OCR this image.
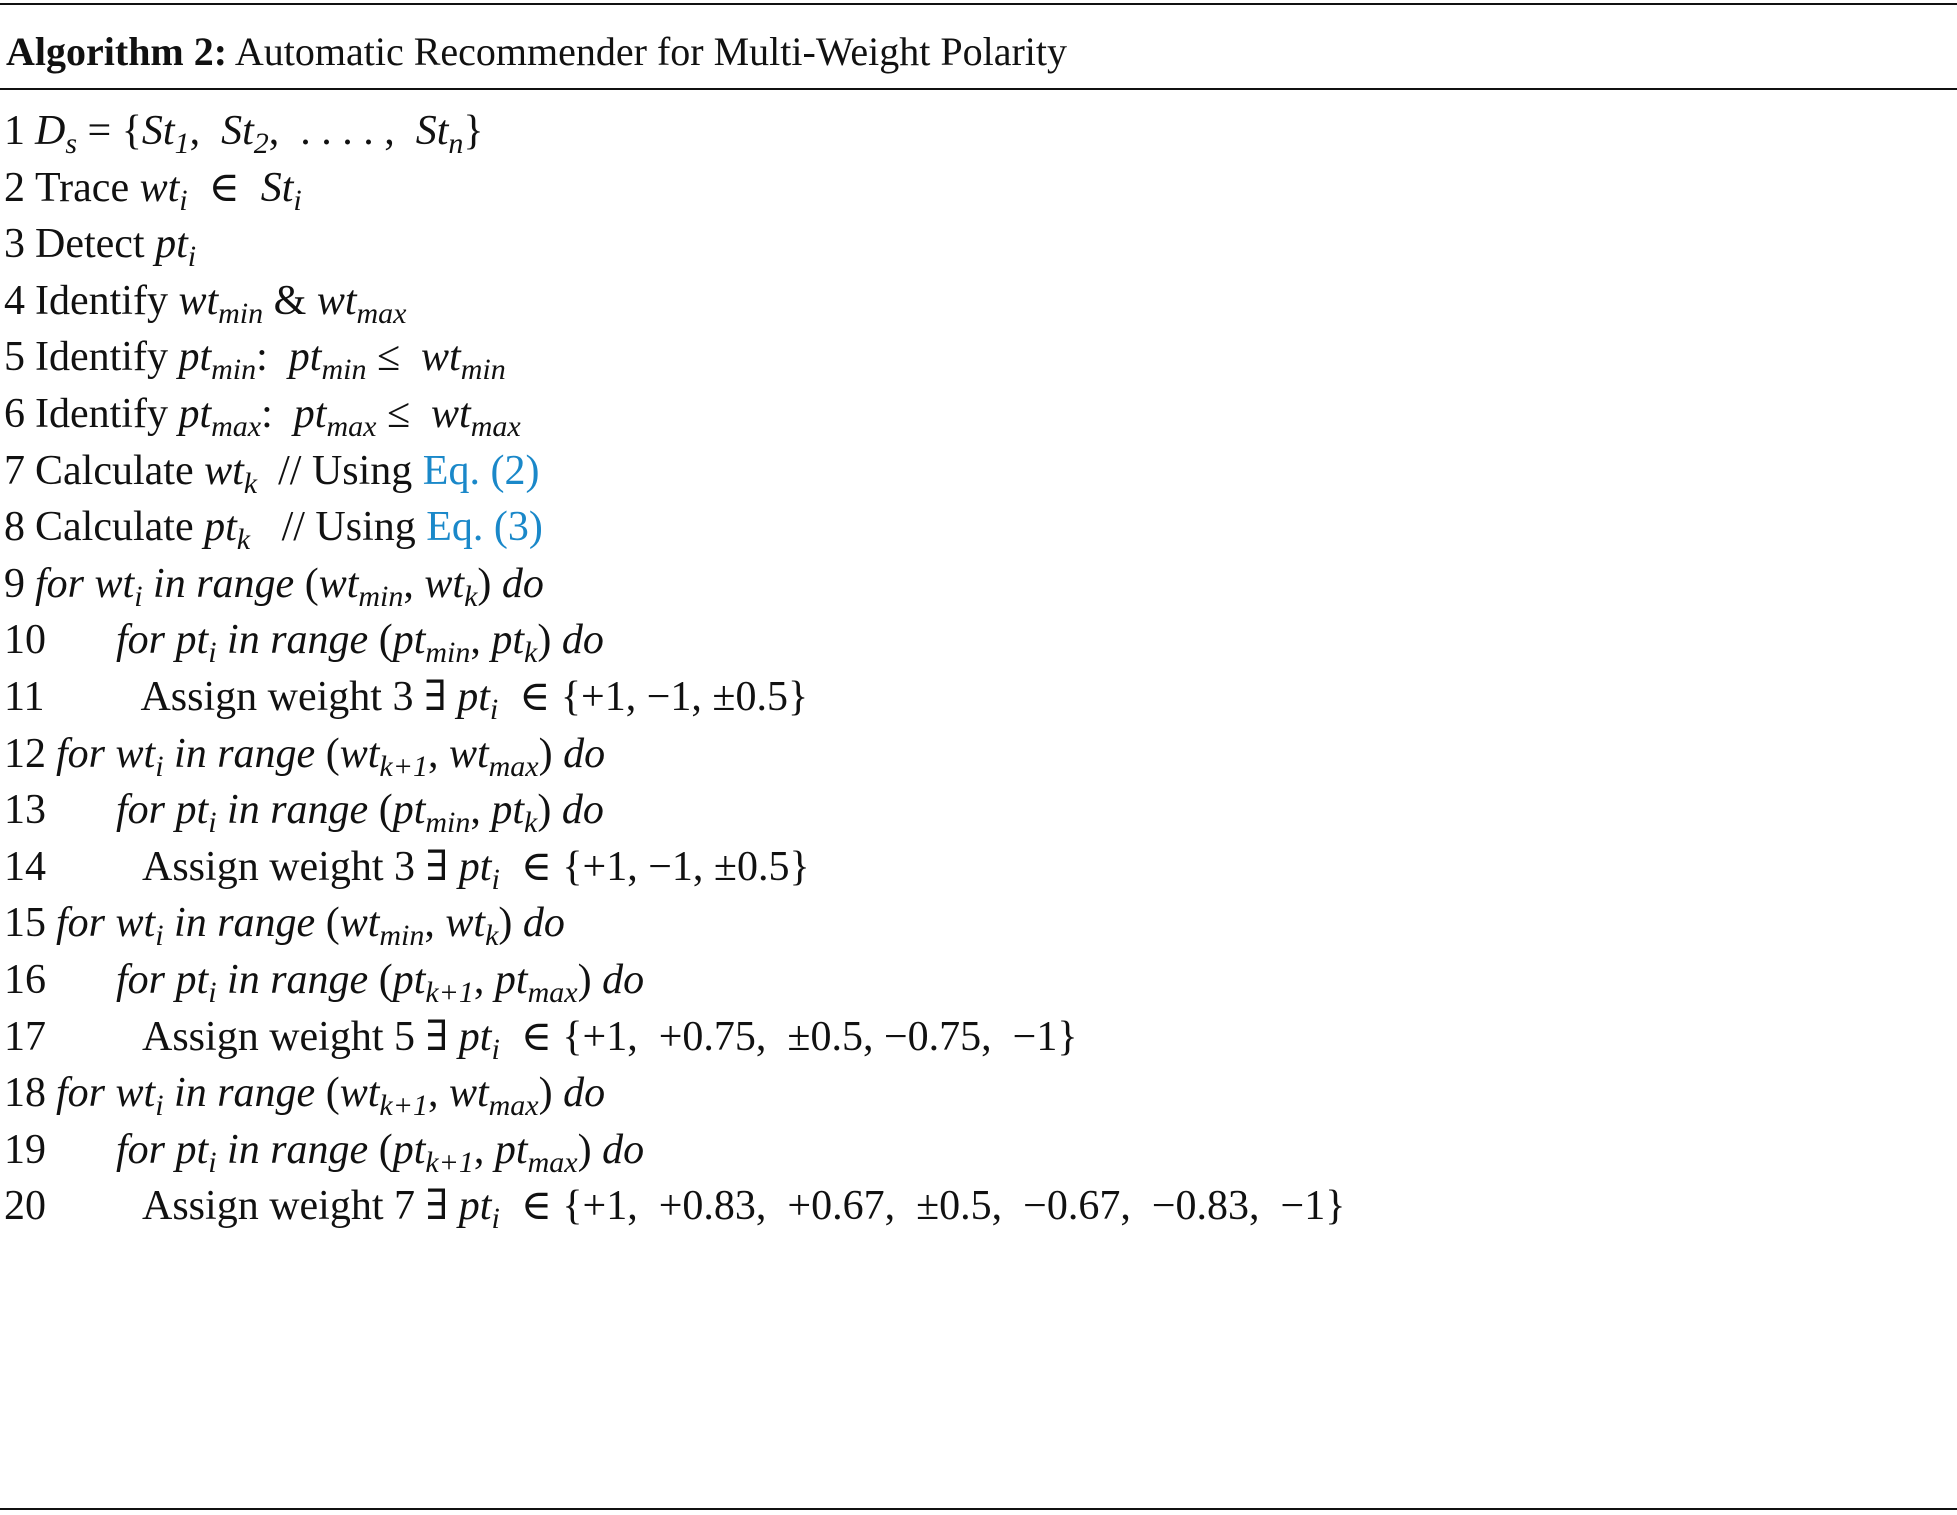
Algorithm 2: Automatic Recommender for Multi-Weight Polarity
1 $D_s = \{St_1$,  $St_2$,  . . . . ,  $St_n$}
2 Trace $wt_i$  ∈  $St_i$
3 Detect $pt_i$
4 Identify $wt_{min}$ & $wt_{max}$
5 Identify $pt_{min}$:  $pt_{min} \le wt_{min}$
6 Identify $pt_{max}$:  $pt_{max} \le wt_{max}$
7 Calculate $wt_k$  // Using Eq. (2)
8 Calculate $pt_k$   // Using Eq. (3)
9 for $wt_i$ in range ($wt_{min}$, $wt_k$) do
10 for $pt_i$ in range ($pt_{min}$, $pt_k$) do
11 Assign weight 3 ∃ $pt_i$  ∈ {+1, −1, ±0.5}
12 for $wt_i$ in range ($wt_{k+1}$, $wt_{max}$) do
13 for $pt_i$ in range ($pt_{min}$, $pt_k$) do
14 Assign weight 3 ∃ $pt_i$  ∈ {+1, −1, ±0.5}
15 for $wt_i$ in range ($wt_{min}$, $wt_k$) do
16 for $pt_i$ in range ($pt_{k+1}$, $pt_{max}$) do
17 Assign weight 5 ∃ $pt_i$  ∈ {+1,  +0.75,  ±0.5, −0.75,  −1}
18 for $wt_i$ in range ($wt_{k+1}$, $wt_{max}$) do
19 for $pt_i$ in range ($pt_{k+1}$, $pt_{max}$) do
20 Assign weight 7 ∃ $pt_i$  ∈ {+1,  +0.83,  +0.67,  ±0.5,  −0.67,  −0.83,  −1}
